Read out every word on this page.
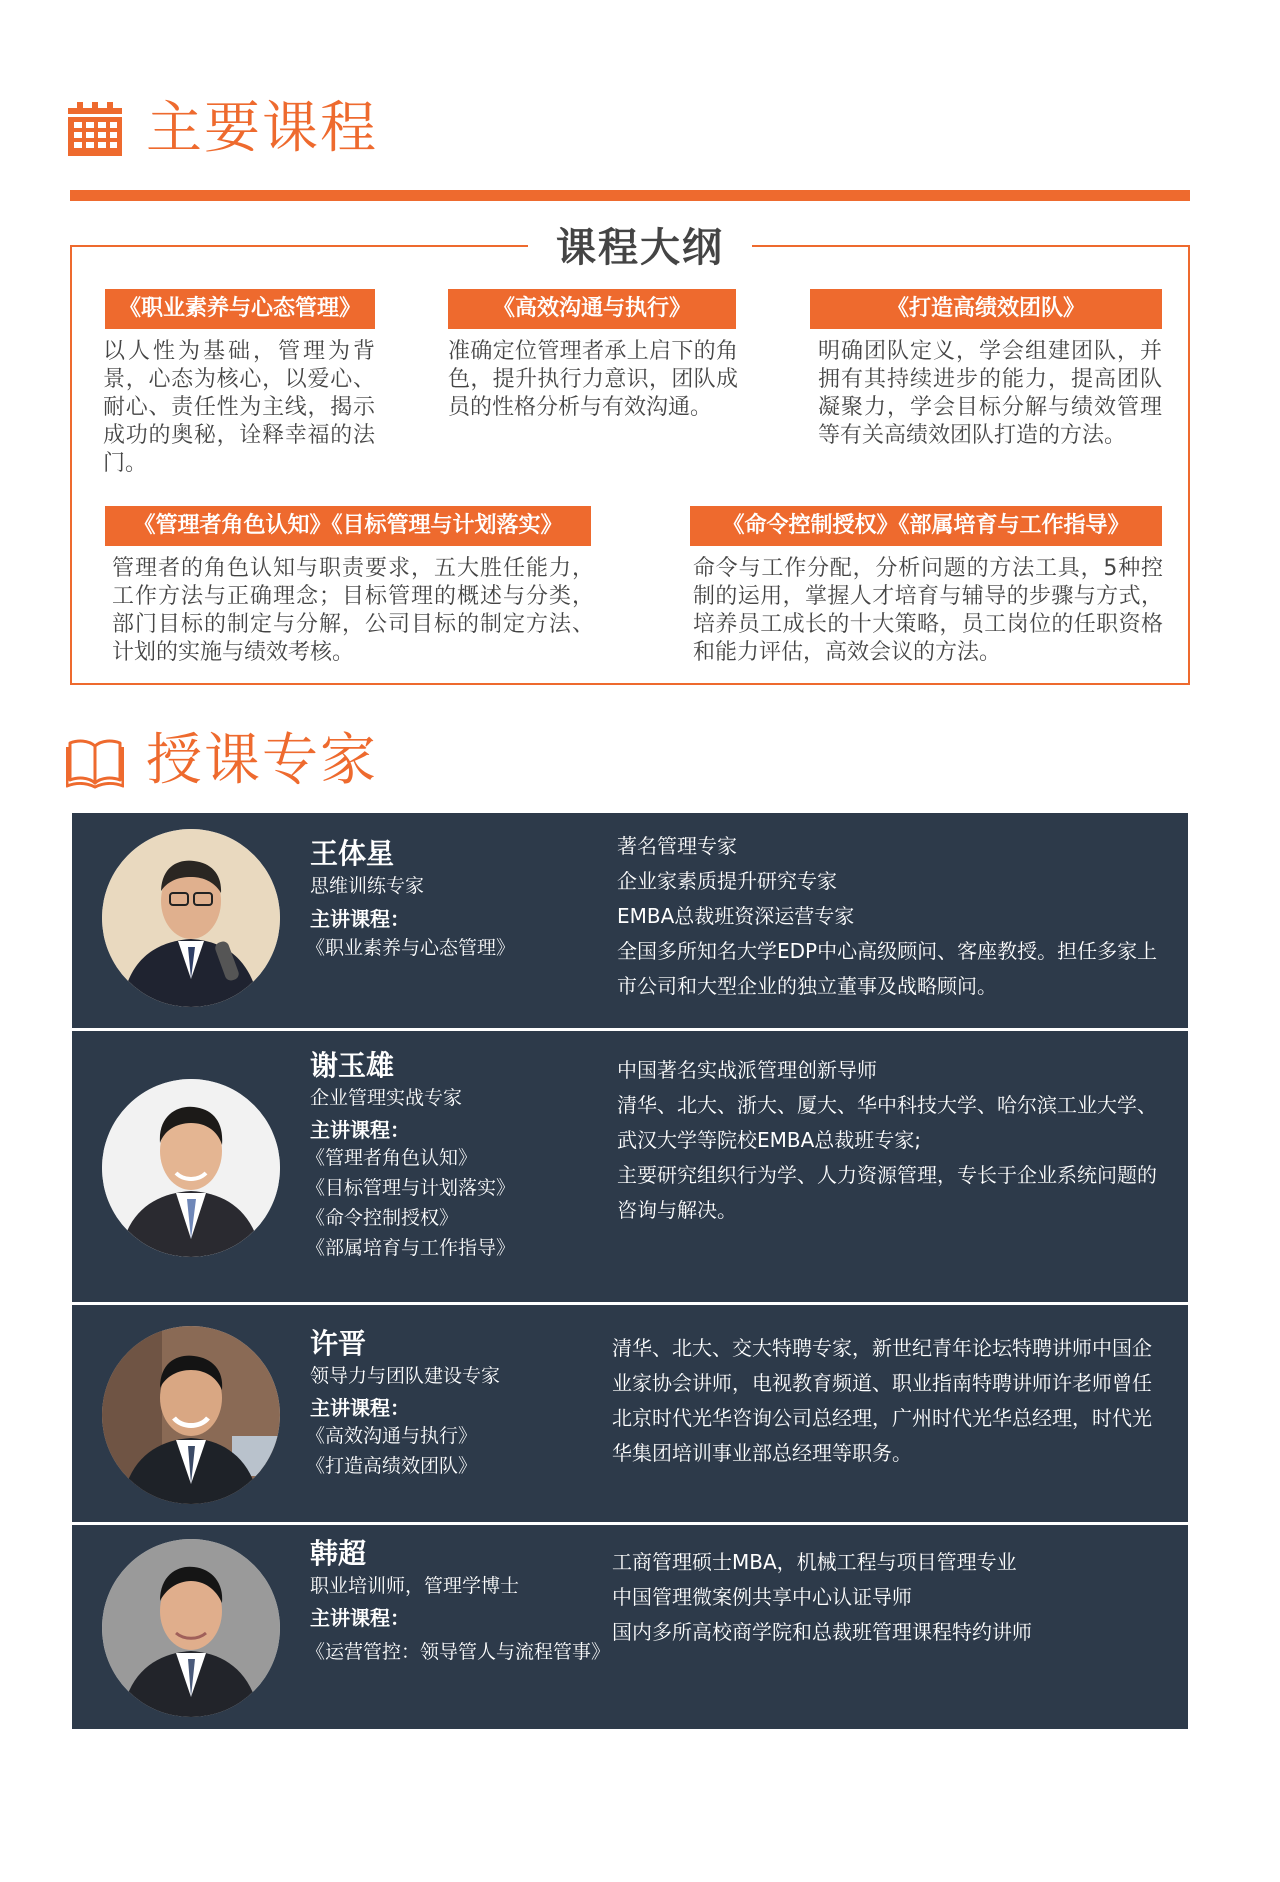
主要课程
课程大纲
《职业素养与心态管理》
以人性为基础，管理为背景，心态为核心，以爱心、耐心、责任性为主线，揭示成功的奥秘，诠释幸福的法门。
《高效沟通与执行》
准确定位管理者承上启下的角色，提升执行力意识，团队成员的性格分析与有效沟通。
《打造高绩效团队》
明确团队定义，学会组建团队，并拥有其持续进步的能力，提高团队凝聚力，学会目标分解与绩效管理等有关高绩效团队打造的方法。
《管理者角色认知》《目标管理与计划落实》
管理者的角色认知与职责要求，五大胜任能力，工作方法与正确理念；目标管理的概述与分类，部门目标的制定与分解，公司目标的制定方法、计划的实施与绩效考核。
《命令控制授权》《部属培育与工作指导》
命令与工作分配，分析问题的方法工具，5种控制的运用，掌握人才培育与辅导的步骤与方式，培养员工成长的十大策略，员工岗位的任职资格和能力评估，高效会议的方法。
授课专家
王体星
思维训练专家
主讲课程：
《职业素养与心态管理》
著名管理专家
企业家素质提升研究专家
EMBA总裁班资深运营专家
全国多所知名大学EDP中心高级顾问、客座教授。担任多家上市公司和大型企业的独立董事及战略顾问。
谢玉雄
企业管理实战专家
主讲课程：
《管理者角色认知》
《目标管理与计划落实》
《命令控制授权》
《部属培育与工作指导》
中国著名实战派管理创新导师
清华、北大、浙大、厦大、华中科技大学、哈尔滨工业大学、
武汉大学等院校EMBA总裁班专家;
主要研究组织行为学、人力资源管理，专长于企业系统问题的咨询与解决。
许晋
领导力与团队建设专家
主讲课程：
《高效沟通与执行》
《打造高绩效团队》
清华、北大、交大特聘专家，新世纪青年论坛特聘讲师中国企业家协会讲师，电视教育频道、职业指南特聘讲师许老师曾任北京时代光华咨询公司总经理，广州时代光华总经理，时代光华集团培训事业部总经理等职务。
韩超
职业培训师，管理学博士
主讲课程：
《运营管控：领导管人与流程管事》
工商管理硕士MBA，机械工程与项目管理专业
中国管理微案例共享中心认证导师
国内多所高校商学院和总裁班管理课程特约讲师
